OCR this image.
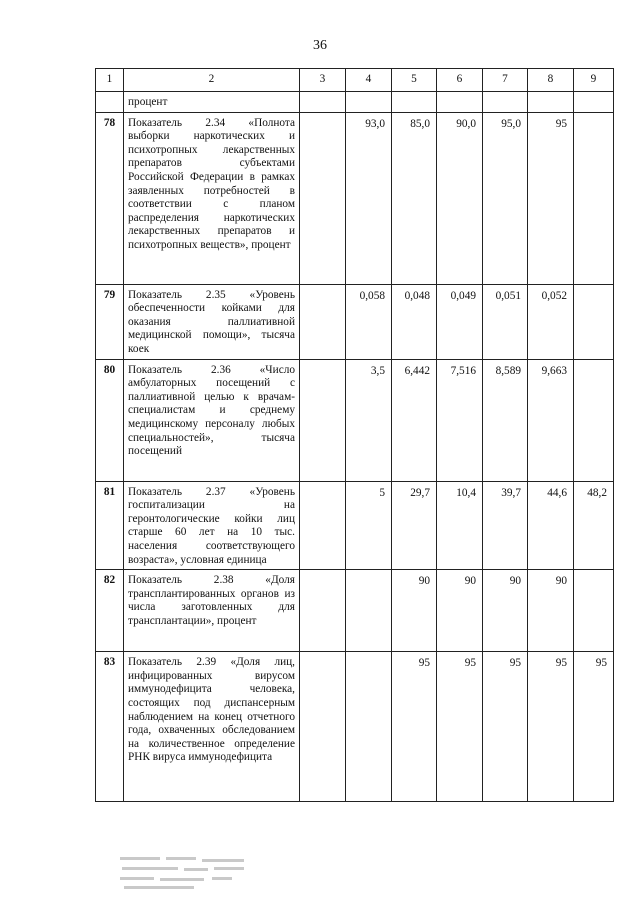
36
1	2	3	4	5	6	7	8	9
	процент							
78	Показатель 2.34 «Полнота выборки наркотических и психотропных лекарственных препаратов субъектами Российской Федерации в рамках заявленных потребностей в соответствии с планом распределения наркотических лекарственных препаратов и психотропных веществ», процент		93,0	85,0	90,0	95,0	95	
79	Показатель 2.35 «Уровень обеспеченности койками для оказания паллиативной медицинской помощи», тысяча коек		0,058	0,048	0,049	0,051	0,052	
80	Показатель 2.36 «Число амбулаторных посещений с паллиативной целью к врачам-специалистам и среднему медицинскому персоналу любых специальностей», тысяча посещений		3,5	6,442	7,516	8,589	9,663	
81	Показатель 2.37 «Уровень госпитализации на геронтологические койки лиц старше 60 лет на 10 тыс. населения соответствующего возраста», условная единица		5	29,7	10,4	39,7	44,6	48,2
82	Показатель 2.38 «Доля трансплантированных органов из числа заготовленных для трансплантации», процент			90	90	90	90	
83	Показатель 2.39 «Доля лиц, инфицированных вирусом иммунодефицита человека, состоящих под диспансерным наблюдением на конец отчетного года, охваченных обследованием на количественное определение РНК вируса иммунодефицита			95	95	95	95	95
